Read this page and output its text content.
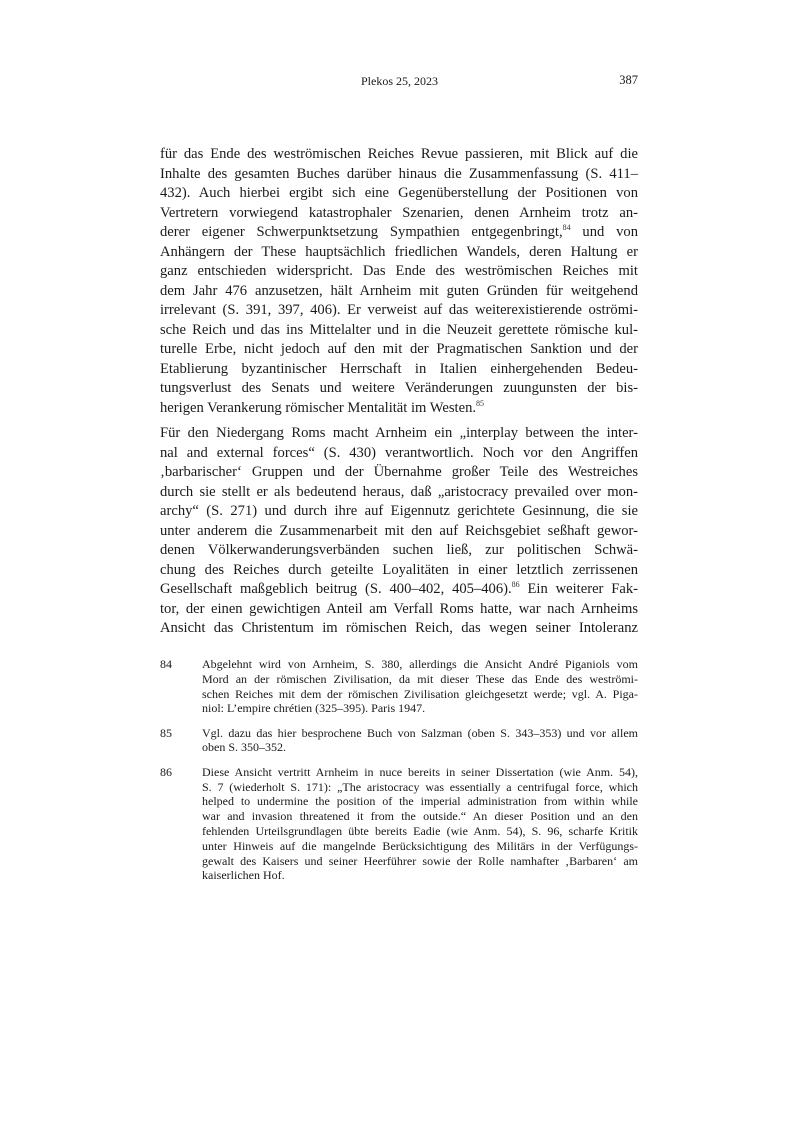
Plekos 25, 2023	387
für das Ende des weströmischen Reiches Revue passieren, mit Blick auf die
Inhalte des gesamten Buches darüber hinaus die Zusammenfassung (S. 411–
432). Auch hierbei ergibt sich eine Gegenüberstellung der Positionen von
Vertretern vorwiegend katastrophaler Szenarien, denen Arnheim trotz an-
derer eigener Schwerpunktsetzung Sympathien entgegenbringt,$^{84}$ und von
Anhängern der These hauptsächlich friedlichen Wandels, deren Haltung er
ganz entschieden widerspricht. Das Ende des weströmischen Reiches mit
dem Jahr 476 anzusetzen, hält Arnheim mit guten Gründen für weitgehend
irrelevant (S. 391, 397, 406). Er verweist auf das weiterexistierende oströmi-
sche Reich und das ins Mittelalter und in die Neuzeit gerettete römische kul-
turelle Erbe, nicht jedoch auf den mit der Pragmatischen Sanktion und der
Etablierung byzantinischer Herrschaft in Italien einhergehenden Bedeu-
tungsverlust des Senats und weitere Veränderungen zuungunsten der bis-
herigen Verankerung römischer Mentalität im Westen.$^{85}$
Für den Niedergang Roms macht Arnheim ein „interplay between the inter-
nal and external forces“ (S. 430) verantwortlich. Noch vor den Angriffen
‚barbarischer‘ Gruppen und der Übernahme großer Teile des Westreiches
durch sie stellt er als bedeutend heraus, daß „aristocracy prevailed over mon-
archy“ (S. 271) und durch ihre auf Eigennutz gerichtete Gesinnung, die sie
unter anderem die Zusammenarbeit mit den auf Reichsgebiet seßhaft gewor-
denen Völkerwanderungsverbänden suchen ließ, zur politischen Schwä-
chung des Reiches durch geteilte Loyalitäten in einer letztlich zerrissenen
Gesellschaft maßgeblich beitrug (S. 400–402, 405–406).$^{86}$ Ein weiterer Fak-
tor, der einen gewichtigen Anteil am Verfall Roms hatte, war nach Arnheims
Ansicht das Christentum im römischen Reich, das wegen seiner Intoleranz
84	Abgelehnt wird von Arnheim, S. 380, allerdings die Ansicht André Piganiols vom
Mord an der römischen Zivilisation, da mit dieser These das Ende des weströmi-
schen Reiches mit dem der römischen Zivilisation gleichgesetzt werde; vgl. A. Piga-
niol: L’empire chrétien (325–395). Paris 1947.
85	Vgl. dazu das hier besprochene Buch von Salzman (oben S. 343–353) und vor allem
oben S. 350–352.
86	Diese Ansicht vertritt Arnheim in nuce bereits in seiner Dissertation (wie Anm. 54),
S. 7 (wiederholt S. 171): „The aristocracy was essentially a centrifugal force, which
helped to undermine the position of the imperial administration from within while
war and invasion threatened it from the outside.“ An dieser Position und an den
fehlenden Urteilsgrundlagen übte bereits Eadie (wie Anm. 54), S. 96, scharfe Kritik
unter Hinweis auf die mangelnde Berücksichtigung des Militärs in der Verfügungs-
gewalt des Kaisers und seiner Heerführer sowie der Rolle namhafter ‚Barbaren‘ am
kaiserlichen Hof.
